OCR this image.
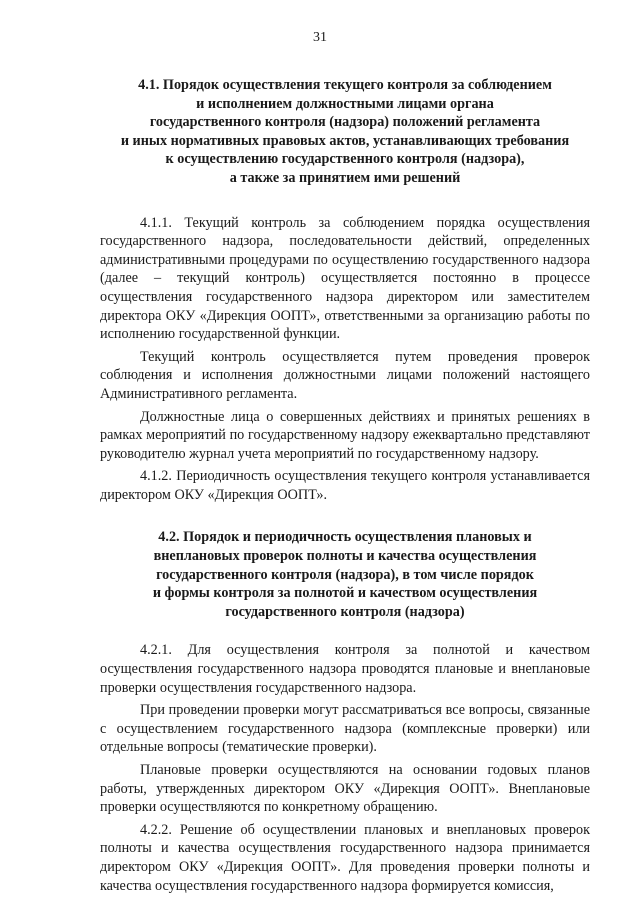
31
4.1. Порядок осуществления текущего контроля за соблюдением
и исполнением должностными лицами органа
государственного контроля (надзора) положений регламента
и иных нормативных правовых актов, устанавливающих требования
к осуществлению государственного контроля (надзора),
а также за принятием ими решений

4.1.1. Текущий контроль за соблюдением порядка осуществления государственного надзора, последовательности действий, определенных административными процедурами по осуществлению государственного надзора (далее – текущий контроль) осуществляется постоянно в процессе осуществления государственного надзора директором или заместителем директора ОКУ «Дирекция ООПТ», ответственными за организацию работы по исполнению государственной функции.

Текущий контроль осуществляется путем проведения проверок соблюдения и исполнения должностными лицами положений настоящего Административного регламента.

Должностные лица о совершенных действиях и принятых решениях в рамках мероприятий по государственному надзору ежеквартально представляют руководителю журнал учета мероприятий по государственному надзору.

4.1.2. Периодичность осуществления текущего контроля устанавливается директором ОКУ «Дирекция ООПТ».

4.2. Порядок и периодичность осуществления плановых и
внеплановых проверок полноты и качества осуществления
государственного контроля (надзора), в том числе порядок
и формы контроля за полнотой и качеством осуществления
государственного контроля (надзора)

4.2.1. Для осуществления контроля за полнотой и качеством осуществления государственного надзора проводятся плановые и внеплановые проверки осуществления государственного надзора.

При проведении проверки могут рассматриваться все вопросы, связанные с осуществлением государственного надзора (комплексные проверки) или отдельные вопросы (тематические проверки).

Плановые проверки осуществляются на основании годовых планов работы, утвержденных директором ОКУ «Дирекция ООПТ». Внеплановые проверки осуществляются по конкретному обращению.

4.2.2. Решение об осуществлении плановых и внеплановых проверок полноты и качества осуществления государственного надзора принимается директором ОКУ «Дирекция ООПТ». Для проведения проверки полноты и качества осуществления государственного надзора формируется комиссия,
